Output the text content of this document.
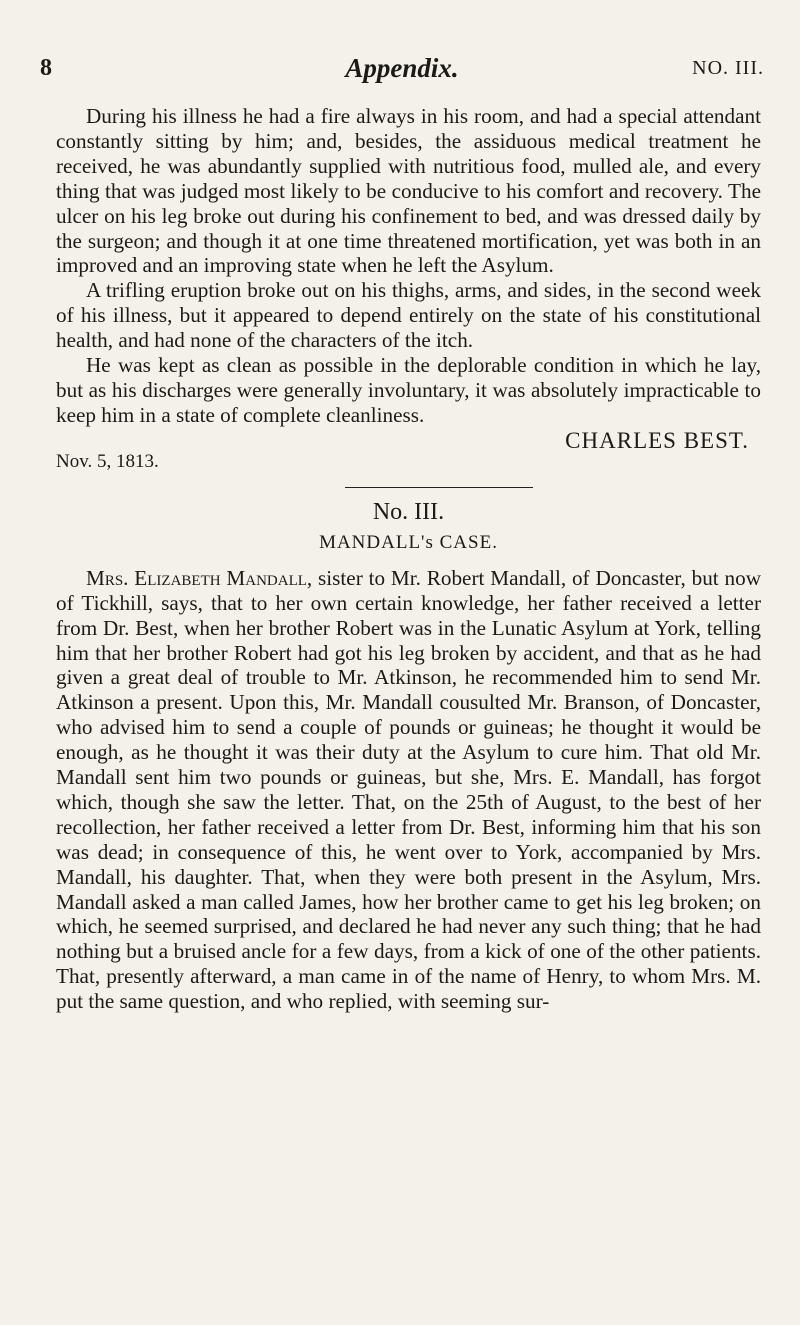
8	Appendix.	NO. III.

During his illness he had a fire always in his room, and had a special attendant constantly sitting by him; and, besides, the assiduous medical treatment he received, he was abundantly supplied with nutritious food, mulled ale, and every thing that was judged most likely to be conducive to his comfort and recovery. The ulcer on his leg broke out during his confinement to bed, and was dressed daily by the surgeon; and though it at one time threatened mortification, yet was both in an improved and an improving state when he left the Asylum.

A trifling eruption broke out on his thighs, arms, and sides, in the second week of his illness, but it appeared to depend entirely on the state of his constitutional health, and had none of the characters of the itch.

He was kept as clean as possible in the deplorable condition in which he lay, but as his discharges were generally involuntary, it was absolutely impracticable to keep him in a state of complete cleanliness.

CHARLES BEST.
Nov. 5, 1813.
No. III.
MANDALL's CASE.

Mrs. Elizabeth Mandall, sister to Mr. Robert Mandall, of Doncaster, but now of Tickhill, says, that to her own certain knowledge, her father received a letter from Dr. Best, when her brother Robert was in the Lunatic Asylum at York, telling him that her brother Robert had got his leg broken by accident, and that as he had given a great deal of trouble to Mr. Atkinson, he recommended him to send Mr. Atkinson a present. Upon this, Mr. Mandall cousulted Mr. Branson, of Doncaster, who advised him to send a couple of pounds or guineas; he thought it would be enough, as he thought it was their duty at the Asylum to cure him. That old Mr. Mandall sent him two pounds or guineas, but she, Mrs. E. Mandall, has forgot which, though she saw the letter. That, on the 25th of August, to the best of her recollection, her father received a letter from Dr. Best, informing him that his son was dead; in consequence of this, he went over to York, accompanied by Mrs. Mandall, his daughter. That, when they were both present in the Asylum, Mrs. Mandall asked a man called James, how her brother came to get his leg broken; on which, he seemed surprised, and declared he had never any such thing; that he had nothing but a bruised ancle for a few days, from a kick of one of the other patients. That, presently afterward, a man came in of the name of Henry, to whom Mrs. M. put the same question, and who replied, with seeming sur-
